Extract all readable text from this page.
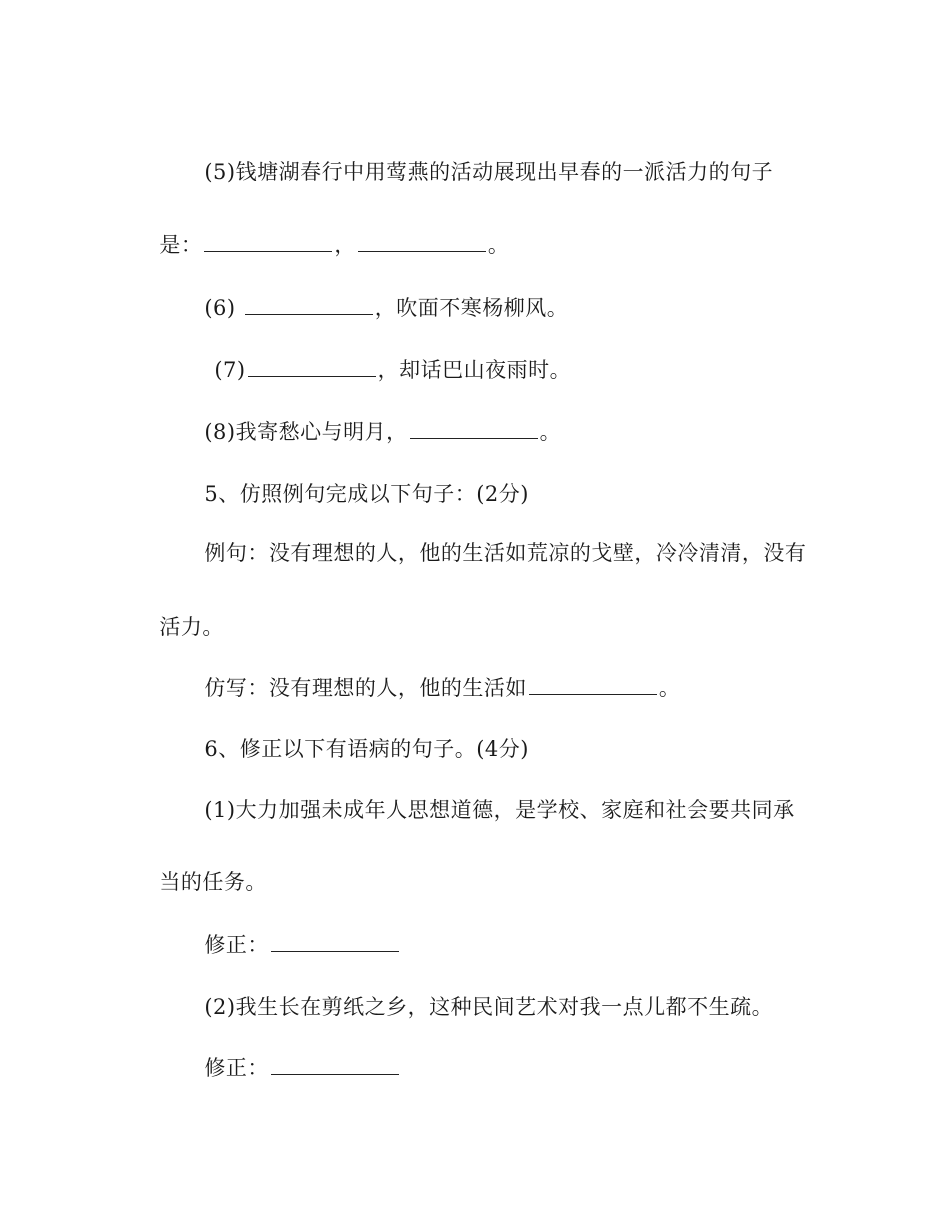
(5)钱塘湖春行中用莺燕的活动展现出早春的一派活力的句子

是：	，	。

(6)	，吹面不寒杨柳风。

(7)	，却话巴山夜雨时。

(8)我寄愁心与明月，	。

5、仿照例句完成以下句子：(2分)

例句：没有理想的人，他的生活如荒凉的戈壁，冷冷清清，没有

活力。

仿写：没有理想的人，他的生活如	。

6、修正以下有语病的句子。(4分)

(1)大力加强未成年人思想道德，是学校、家庭和社会要共同承

当的任务。

修正：

(2)我生长在剪纸之乡，这种民间艺术对我一点儿都不生疏。

修正：
